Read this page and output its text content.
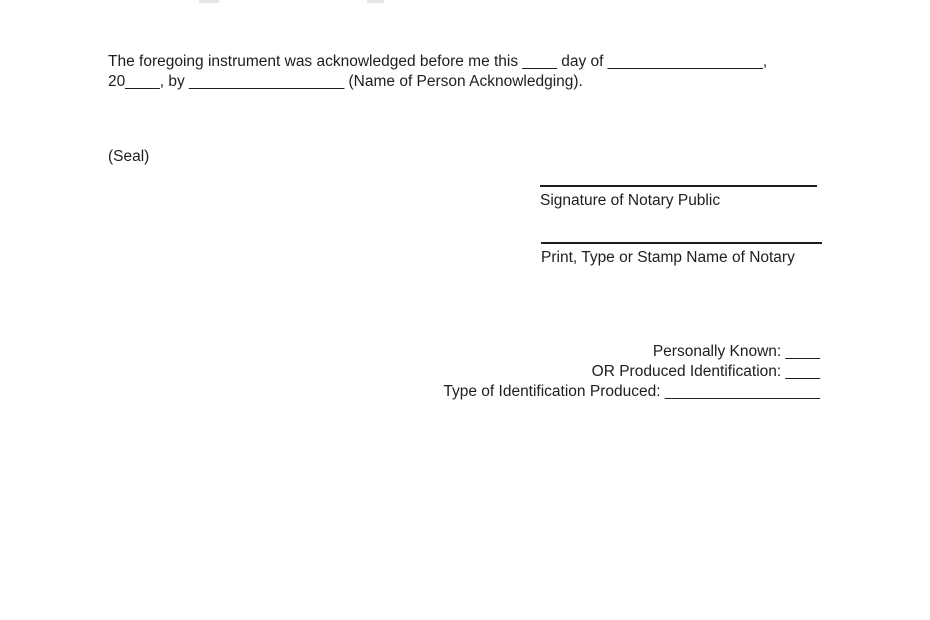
The foregoing instrument was acknowledged before me this ____ day of __________________,
20____, by __________________ (Name of Person Acknowledging).
(Seal)
Signature of Notary Public
Print, Type or Stamp Name of Notary
Personally Known: ____
OR Produced Identification: ____
Type of Identification Produced: __________________
